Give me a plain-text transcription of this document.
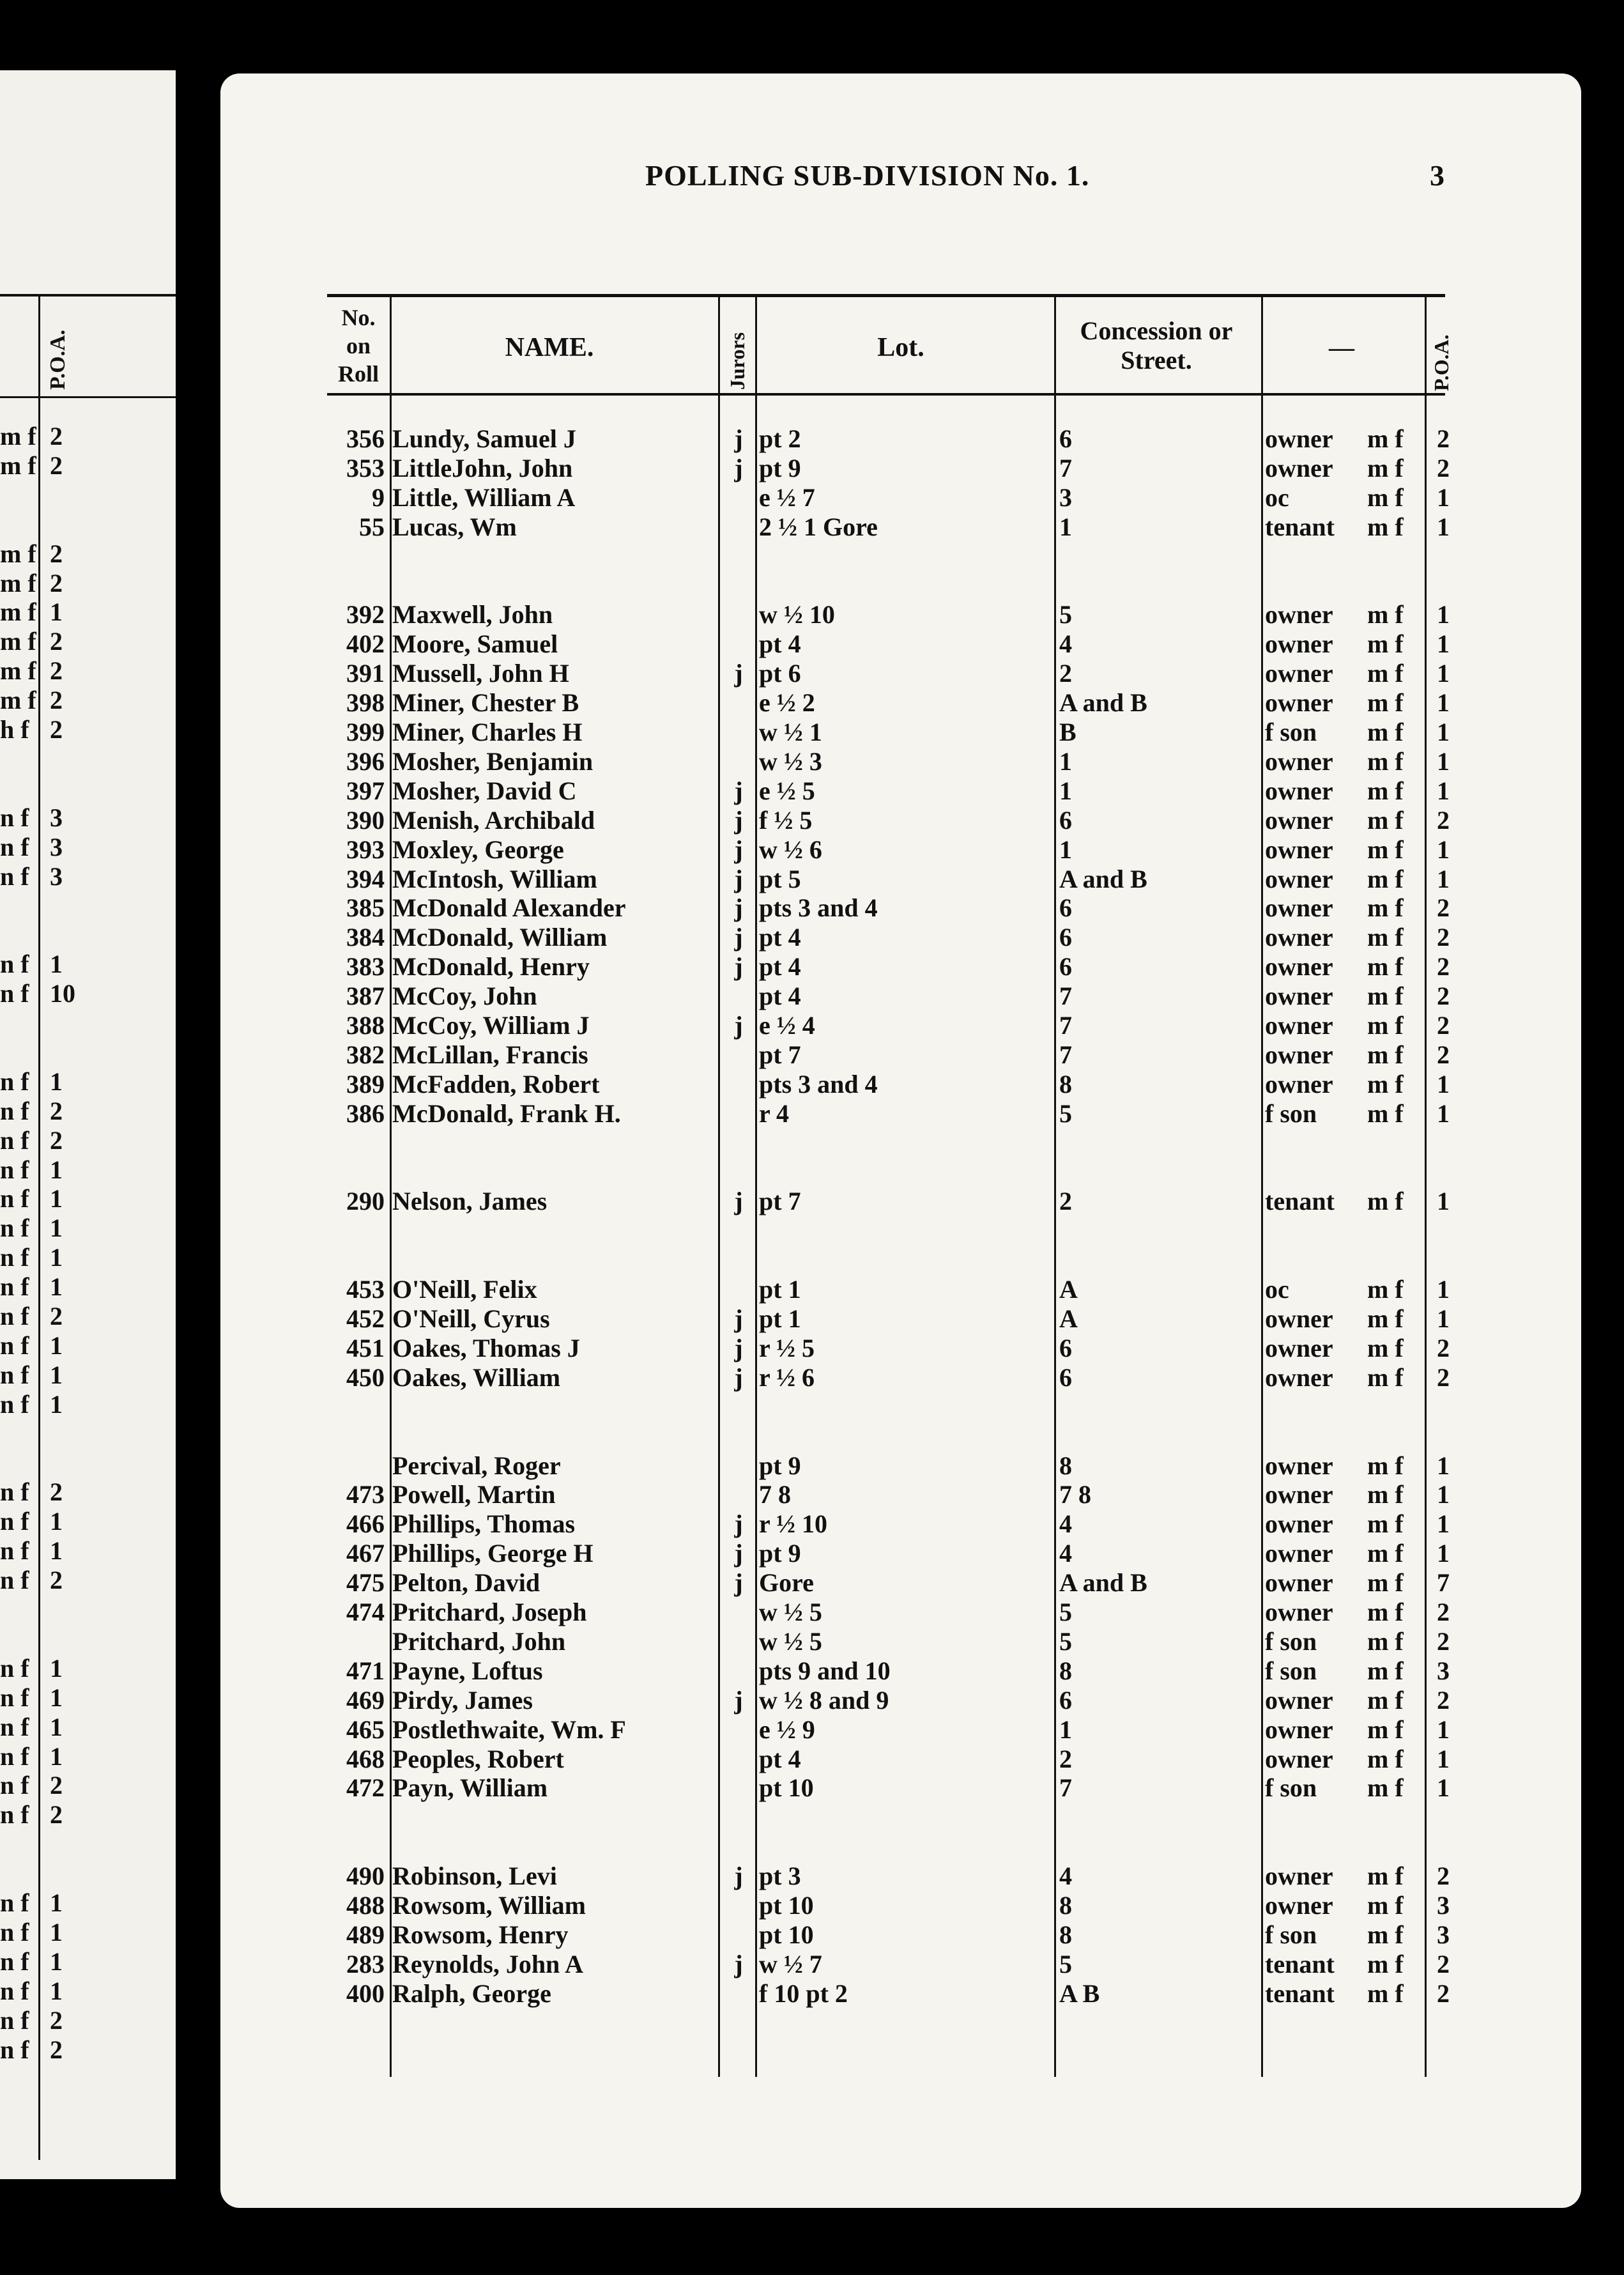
P.O.A.
m f 2
m f 2
m f 2
m f 2
m f 1
m f 2
m f 2
m f 2
h f 2
n f 3
n f 3
n f 3
n f 1
n f 10
n f 1
n f 2
n f 2
n f 1
n f 1
n f 1
n f 1
n f 1
n f 2
n f 1
n f 1
n f 1
n f 2
n f 1
n f 1
n f 2
n f 1
n f 1
n f 1
n f 1
n f 2
n f 2
n f 1
n f 1
n f 1
n f 1
n f 2
n f 2
POLLING SUB-DIVISION No. 1.	3
No. on Roll
NAME.	Jurors	Lot.
Concession or Street.	—	P.O.A.
356 Lundy, Samuel J	j pt 2	6	owner	m f	2
353 LittleJohn, John	j pt 9	7	owner	m f	2
9 Little, William A	e ½ 7	3	oc	m f	1
55 Lucas, Wm	2 ½ 1 Gore	1	tenant	m f	1
392 Maxwell, John	w ½ 10	5	owner	m f	1
402 Moore, Samuel	pt 4	4	owner	m f	1
391 Mussell, John H	j pt 6	2	owner	m f	1
398 Miner, Chester B	e ½ 2	A and B	owner	m f	1
399 Miner, Charles H	w ½ 1	B	f son	m f	1
396 Mosher, Benjamin	w ½ 3	1	owner	m f	1
397 Mosher, David C	j e ½ 5	1	owner	m f	1
390 Menish, Archibald	j f ½ 5	6	owner	m f	2
393 Moxley, George	j w ½ 6	1	owner	m f	1
394 McIntosh, William	j pt 5	A and B	owner	m f	1
385 McDonald Alexander	j pts 3 and 4	6	owner	m f	2
384 McDonald, William	j pt 4	6	owner	m f	2
383 McDonald, Henry	j pt 4	6	owner	m f	2
387 McCoy, John	pt 4	7	owner	m f	2
388 McCoy, William J	j e ½ 4	7	owner	m f	2
382 McLillan, Francis	pt 7	7	owner	m f	2
389 McFadden, Robert	pts 3 and 4	8	owner	m f	1
386 McDonald, Frank H.	r 4	5	f son	m f	1
290 Nelson, James	j pt 7	2	tenant	m f	1
453 O'Neill, Felix	pt 1	A	oc	m f	1
452 O'Neill, Cyrus	j pt 1	A	owner	m f	1
451 Oakes, Thomas J	j r ½ 5	6	owner	m f	2
450 Oakes, William	j r ½ 6	6	owner	m f	2
Percival, Roger	pt 9	8	owner	m f	1
473 Powell, Martin	7 8	7 8	owner	m f	1
466 Phillips, Thomas	j r ½ 10	4	owner	m f	1
467 Phillips, George H	j pt 9	4	owner	m f	1
475 Pelton, David	j Gore	A and B	owner	m f	7
474 Pritchard, Joseph	w ½ 5	5	owner	m f	2
Pritchard, John	w ½ 5	5	f son	m f	2
471 Payne, Loftus	pts 9 and 10	8	f son	m f	3
469 Pirdy, James	j w ½ 8 and 9	6	owner	m f	2
465 Postlethwaite, Wm. F	e ½ 9	1	owner	m f	1
468 Peoples, Robert	pt 4	2	owner	m f	1
472 Payn, William	pt 10	7	f son	m f	1
490 Robinson, Levi	j pt 3	4	owner	m f	2
488 Rowsom, William	pt 10	8	owner	m f	3
489 Rowsom, Henry	pt 10	8	f son	m f	3
283 Reynolds, John A	j w ½ 7	5	tenant	m f	2
400 Ralph, George	f 10 pt 2	A B	tenant	m f	2
